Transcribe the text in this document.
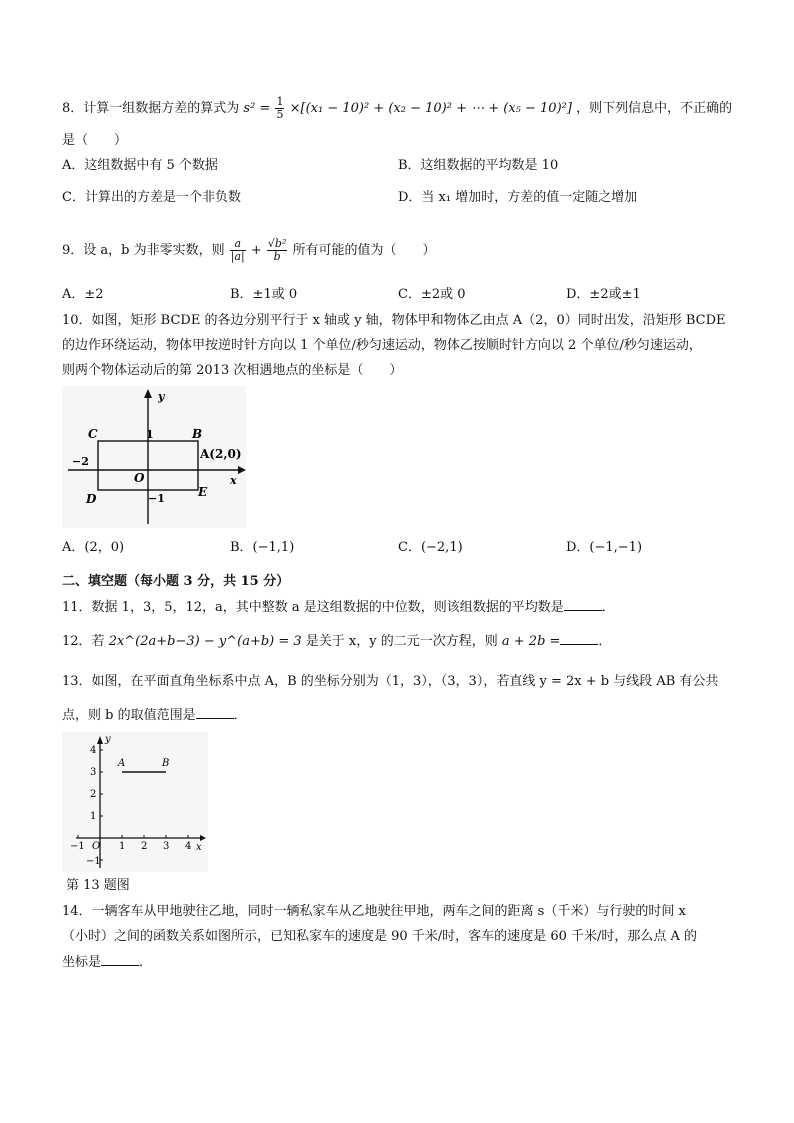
8．计算一组数据方差的算式为 $s^2 = \frac{1}{5} \times[(x_1 - 10)^2 + (x_2 - 10)^2$ + ⋯ + (x₅ − 10)²] ，则下列信息中，不正确的
是（　　）
A．这组数据中有 5 个数据	B．这组数据的平均数是 10
C．计算出的方差是一个非负数	D．当 x₁ 增加时，方差的值一定随之增加
9．设 a，b 为非零实数，则 $\frac{a}{|a|} + \frac{\text{√b²}}{b}$ 所有可能的值为（　　）
A．±2	B．±1或 0	C．±2或 0	D．±2或±1
10．如图，矩形 BCDE 的各边分别平行于 x 轴或 y 轴，物体甲和物体乙由点 A（2，0）同时出发，沿矩形 BCDE
的边作环绕运动，物体甲按逆时针方向以 1 个单位/秒匀速运动，物体乙按顺时针方向以 2 个单位/秒匀速运动，
则两个物体运动后的第 2013 次相遇地点的坐标是（　　）
y
x
C	B
D	E
O
A(2,0)
1
−1
−2
A．(2，0)	B．(−1,1)	C．(−2,1)	D．(−1,−1)
二、填空题（每小题 3 分，共 15 分）
11．数据 1，3，5，12，a，其中整数 a 是这组数据的中位数，则该组数据的平均数是	．
12．若 2x^(2a+b−3) − y^(a+b) = 3 是关于 x，y 的二元一次方程，则 a + 2b =	．
13．如图，在平面直角坐标系中点 A，B 的坐标分别为（1，3），（3，3），若直线 y = 2x + b 与线段 AB 有公共
点，则 b 的取值范围是	．
A	B
y
x
O
4
3
2
1
−1
−1	1 2 3 4
第 13 题图
14．一辆客车从甲地驶往乙地，同时一辆私家车从乙地驶往甲地，两车之间的距离 s（千米）与行驶的时间 x
（小时）之间的函数关系如图所示，已知私家车的速度是 90 千米/时，客车的速度是 60 千米/时，那么点 A 的
坐标是	．
